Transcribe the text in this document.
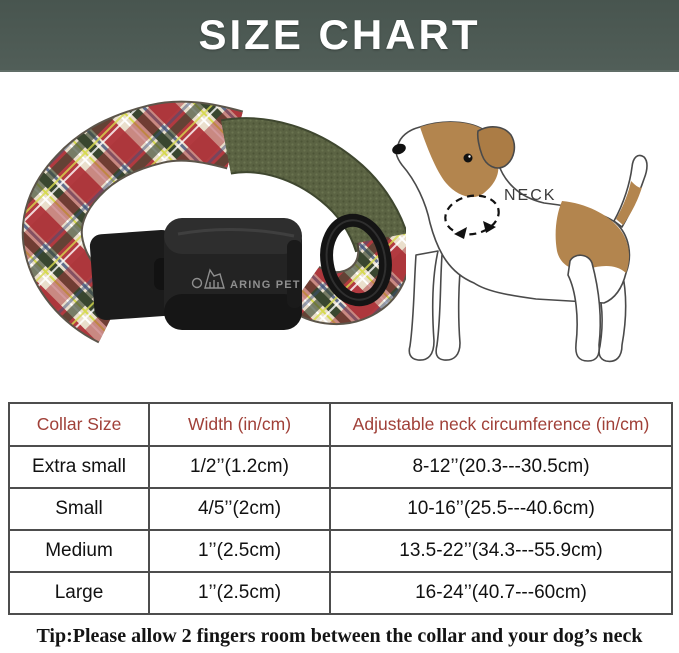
SIZE CHART
ARING PET
NECK
Collar Size	Width (in/cm)	Adjustable neck circumference (in/cm)
Extra small	1/2’’(1.2cm)	8-12’’(20.3---30.5cm)
Small	4/5’’(2cm)	10-16’’(25.5---40.6cm)
Medium	1’’(2.5cm)	13.5-22’’(34.3---55.9cm)
Large	1’’(2.5cm)	16-24’’(40.7---60cm)
Tip:Please allow 2 fingers room between the collar and your dog’s neck
